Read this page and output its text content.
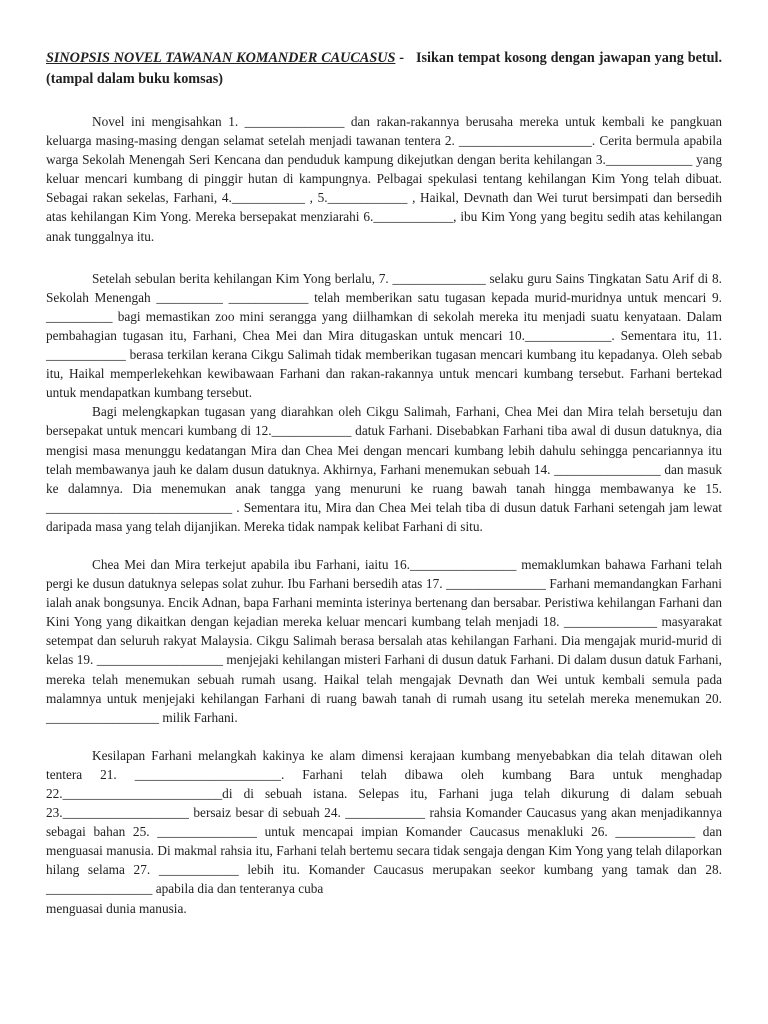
SINOPSIS NOVEL TAWANAN KOMANDER CAUCASUS - Isikan tempat kosong dengan jawapan yang betul. (tampal dalam buku komsas)

Novel ini mengisahkan 1. _______________ dan rakan-rakannya berusaha mereka untuk kembali ke pangkuan keluarga masing-masing dengan selamat setelah menjadi tawanan tentera 2. ____________________. Cerita bermula apabila warga Sekolah Menengah Seri Kencana dan penduduk kampung dikejutkan dengan berita kehilangan 3._____________ yang keluar mencari kumbang di pinggir hutan di kampungnya. Pelbagai spekulasi tentang kehilangan Kim Yong telah dibuat. Sebagai rakan sekelas, Farhani, 4.___________ , 5.____________ , Haikal, Devnath dan Wei turut bersimpati dan bersedih atas kehilangan Kim Yong. Mereka bersepakat menziarahi 6.____________, ibu Kim Yong yang begitu sedih atas kehilangan anak tunggalnya itu.

Setelah sebulan berita kehilangan Kim Yong berlalu, 7. ______________ selaku guru Sains Tingkatan Satu Arif di 8. Sekolah Menengah __________ ____________ telah memberikan satu tugasan kepada murid-muridnya untuk mencari 9. __________ bagi memastikan zoo mini serangga yang diilhamkan di sekolah mereka itu menjadi suatu kenyataan. Dalam pembahagian tugasan itu, Farhani, Chea Mei dan Mira ditugaskan untuk mencari 10._____________. Sementara itu, 11. ____________ berasa terkilan kerana Cikgu Salimah tidak memberikan tugasan mencari kumbang itu kepadanya. Oleh sebab itu, Haikal memperlekehkan kewibawaan Farhani dan rakan-rakannya untuk mencari kumbang tersebut. Farhani bertekad untuk mendapatkan kumbang tersebut.

Bagi melengkapkan tugasan yang diarahkan oleh Cikgu Salimah, Farhani, Chea Mei dan Mira telah bersetuju dan bersepakat untuk mencari kumbang di 12.____________ datuk Farhani. Disebabkan Farhani tiba awal di dusun datuknya, dia mengisi masa menunggu kedatangan Mira dan Chea Mei dengan mencari kumbang lebih dahulu sehingga pencariannya itu telah membawanya jauh ke dalam dusun datuknya. Akhirnya, Farhani menemukan sebuah 14. ________________ dan masuk ke dalamnya. Dia menemukan anak tangga yang menuruni ke ruang bawah tanah hingga membawanya ke 15. ____________________________ . Sementara itu, Mira dan Chea Mei telah tiba di dusun datuk Farhani setengah jam lewat daripada masa yang telah dijanjikan. Mereka tidak nampak kelibat Farhani di situ.

Chea Mei dan Mira terkejut apabila ibu Farhani, iaitu 16.________________ memaklumkan bahawa Farhani telah pergi ke dusun datuknya selepas solat zuhur. Ibu Farhani bersedih atas 17. _______________ Farhani memandangkan Farhani ialah anak bongsunya. Encik Adnan, bapa Farhani meminta isterinya bertenang dan bersabar. Peristiwa kehilangan Farhani dan Kini Yong yang dikaitkan dengan kejadian mereka keluar mencari kumbang telah menjadi 18. ______________ masyarakat setempat dan seluruh rakyat Malaysia. Cikgu Salimah berasa bersalah atas kehilangan Farhani. Dia mengajak murid-murid di kelas 19. ___________________ menjejaki kehilangan misteri Farhani di dusun datuk Farhani. Di dalam dusun datuk Farhani, mereka telah menemukan sebuah rumah usang. Haikal telah mengajak Devnath dan Wei untuk kembali semula pada malamnya untuk menjejaki kehilangan Farhani di ruang bawah tanah di rumah usang itu setelah mereka menemukan 20. _________________ milik Farhani.

Kesilapan Farhani melangkah kakinya ke alam dimensi kerajaan kumbang menyebabkan dia telah ditawan oleh tentera 21. ______________________. Farhani telah dibawa oleh kumbang Bara untuk menghadap 22.________________________di di sebuah istana. Selepas itu, Farhani juga telah dikurung di dalam sebuah 23.___________________ bersaiz besar di sebuah 24. ____________ rahsia Komander Caucasus yang akan menjadikannya sebagai bahan 25. _______________ untuk mencapai impian Komander Caucasus menakluki 26. ____________ dan menguasai manusia. Di makmal rahsia itu, Farhani telah bertemu secara tidak sengaja dengan Kim Yong yang telah dilaporkan hilang selama 27. ____________ lebih itu. Komander Caucasus merupakan seekor kumbang yang tamak dan 28. ________________ apabila dia dan tenteranya cuba

menguasai dunia manusia.
